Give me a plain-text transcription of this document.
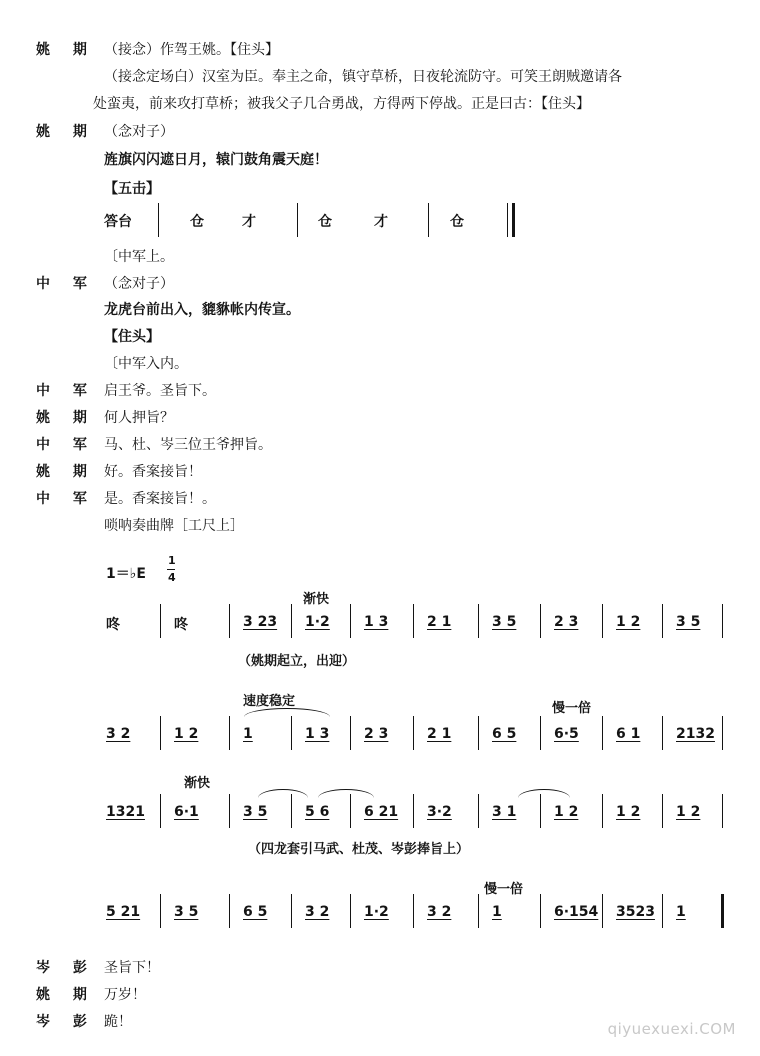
姚 期 （接念）作驾王姚。【住头】
（接念定场白）汉室为臣。奉主之命，镇守草桥，日夜轮流防守。可笑王朗贼邀请各
处蛮夷，前来攻打草桥；被我父子几合勇战，方得两下停战。正是曰古：【住头】
姚 期 （念对子）
旌旗闪闪遮日月，辕门鼓角震天庭！
【五击】
答台	仓	才	仓	才	仓
〔中军上。
中 军 （念对子）
龙虎台前出入，貔貅帐内传宣。
【住头】
〔中军入内。
中 军 启王爷。圣旨下。
姚 期 何人押旨？
中 军 马、杜、岑三位王爷押旨。
姚 期 好。香案接旨！
中 军 是。香案接旨！。
唢呐奏曲牌［工尺上］
1＝♭E
1
4
咚	咚	3 23 1·2 1 3	2 1	3 5	2 3	1 2	3 5
渐快
（姚期起立，出迎）
3 2	1 2	1	1 3 2 3	2 1	6 5	6·5	6 1	2132
速度稳定	慢一倍
1321 6·1	3 5	5 6 6 21 3·2	3 1	1 2	1 2	1 2
渐快
（四龙套引马武、杜茂、岑彭捧旨上）
5 21 3 5	6 5	3 2 1·2	3 2	1	6·154 3523 1
慢一倍
岑 彭 圣旨下！
姚 期 万岁！
岑 彭 跪！	qiyuexuexi.COM
